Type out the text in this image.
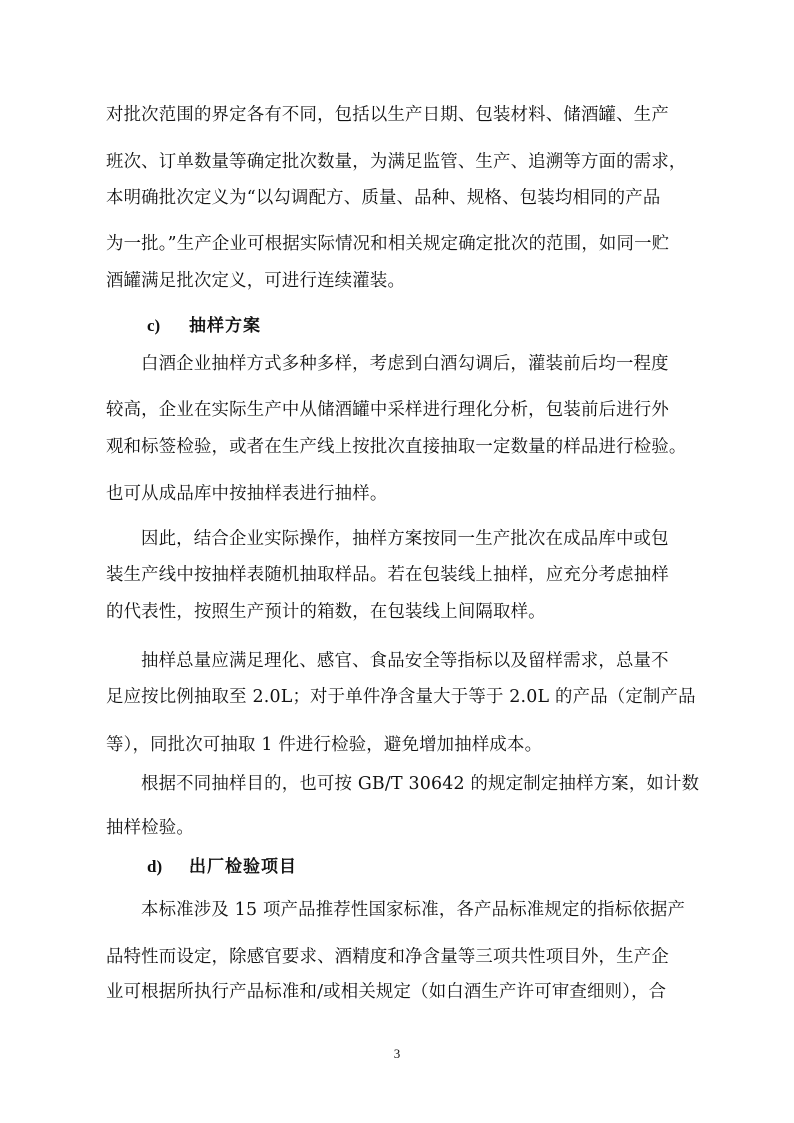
对批次范围的界定各有不同，包括以生产日期、包装材料、储酒罐、生产
班次、订单数量等确定批次数量，为满足监管、生产、追溯等方面的需求，
本明确批次定义为“以勾调配方、质量、品种、规格、包装均相同的产品
为一批。”生产企业可根据实际情况和相关规定确定批次的范围，如同一贮
酒罐满足批次定义，可进行连续灌装。
c) 抽样方案
白酒企业抽样方式多种多样，考虑到白酒勾调后，灌装前后均一程度
较高，企业在实际生产中从储酒罐中采样进行理化分析，包装前后进行外
观和标签检验，或者在生产线上按批次直接抽取一定数量的样品进行检验。
也可从成品库中按抽样表进行抽样。
因此，结合企业实际操作，抽样方案按同一生产批次在成品库中或包
装生产线中按抽样表随机抽取样品。若在包装线上抽样，应充分考虑抽样
的代表性，按照生产预计的箱数，在包装线上间隔取样。
抽样总量应满足理化、感官、食品安全等指标以及留样需求，总量不
足应按比例抽取至 2.0L；对于单件净含量大于等于 2.0L 的产品（定制产品
等），同批次可抽取 1 件进行检验，避免增加抽样成本。
根据不同抽样目的，也可按 GB/T 30642 的规定制定抽样方案，如计数
抽样检验。
d) 出厂检验项目
本标准涉及 15 项产品推荐性国家标准，各产品标准规定的指标依据产
品特性而设定，除感官要求、酒精度和净含量等三项共性项目外，生产企
业可根据所执行产品标准和/或相关规定（如白酒生产许可审查细则），合
3
